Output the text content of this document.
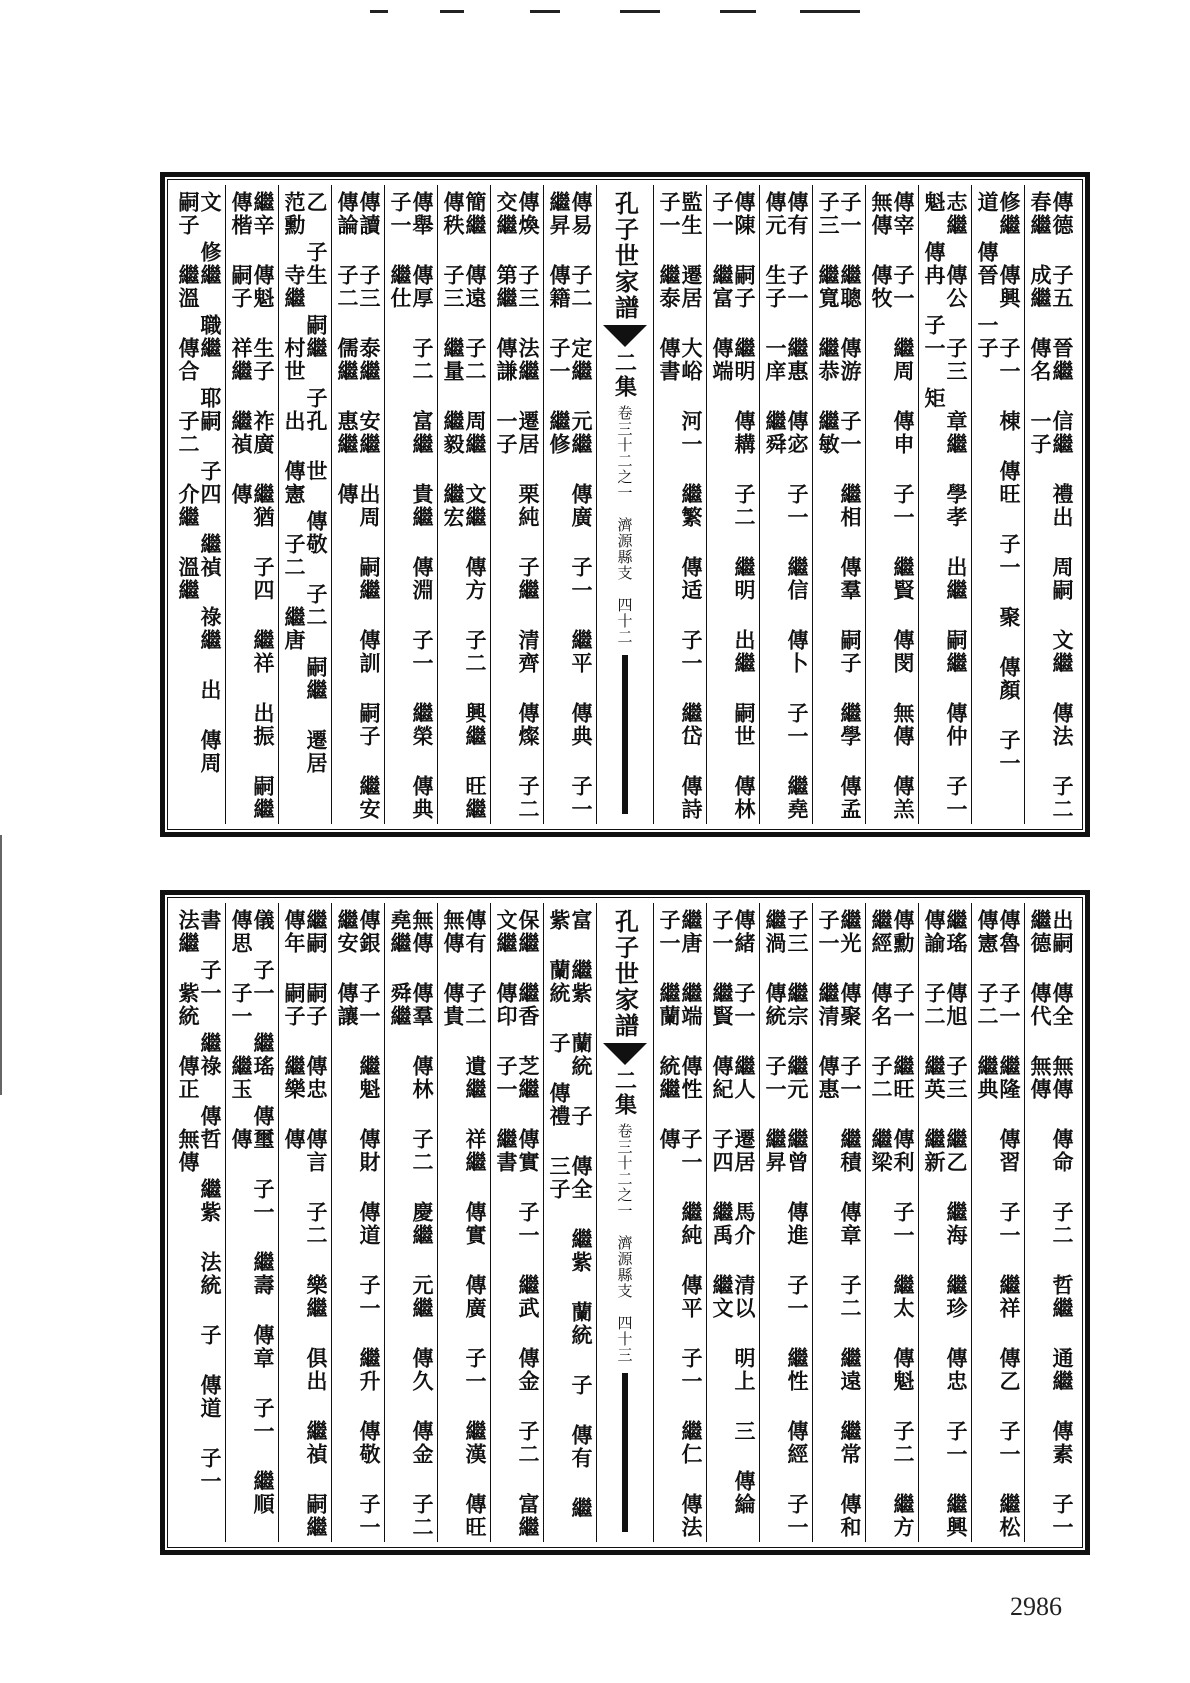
傳德 子五 晉繼 信繼 禮出 周嗣 文繼 傳法 子二 春繼 成繼 傳名 一子
修繼 傳興 子一 棟 傳旺 子一 聚 傳顏 子一 道 傳晉 一子
志繼 傳公 子三 章繼 學孝 出繼 嗣繼 傳仲 子一 魁 傳冉 子一 矩
傳宰 子一 繼周 傳申 子一 繼賢 傳閔 無傳 傳羔 無傳 傳牧
子一 繼聰 傳游 子一 繼相 傳羣 嗣子 繼學 傳孟 子三 繼寬 繼恭 繼敏
傳有 子一 繼惠 傳宓 子一 繼信 傳卜 子一 繼堯 傳元 生子 一庠 繼舜
傳陳 嗣子 繼明 傳耩 子二 繼明 出繼 嗣世 傳林 子一 繼富 傳端
監生 遷居 大峪 河一 繼繁 傳适 子一 繼岱 傳詩 子一 繼泰 傳書
孔子世家譜
二集
卷三十二之一　濟源縣支　四十二
傳易 子二 定繼 元繼 傳廣 子一 繼平 傳典 子一 繼昇 傳籍 子一 繼修
傳煥 子三 法繼 遷居 栗純 子繼 清齊 傳燦 子二 交繼 第繼 傳謙 一子
簡繼 傳遠 子二 周繼 文繼 傳方 子二 興繼 旺繼 傳秩 子三 繼量 繼毅 繼宏
傳舉 傳厚 子二 富繼 貴繼 傳淵 子一 繼榮 傳典 子一 繼仕
傳讀 子三 泰繼 安繼 出周 嗣繼 傳訓 嗣子 繼安 傳論 子二 儒繼 惠繼 傳
乙 子生 嗣繼 子孔 世 傳敬 子二 嗣繼 遷居 范勳 寺繼 村世 出 傳憲 子二 繼唐
繼辛 傳魁 生子 祚廣 繼猶 子四 繼祥 出振 嗣繼 傳楷 嗣子 祥繼 繼禎 傳
文 修繼 職繼 耶嗣 子四 繼禎 祿繼 出 傳周 嗣子 繼溫 傳合 子二 介繼 溫繼
出嗣 傳全 無傳 傳命 子二 哲繼 通繼 傳素 子一 繼德 傳代 無傳
傳魯 子一 繼隆 傳習 子一 繼祥 傳乙 子一 繼松 傳憲 子二 繼典
繼瑤 傳旭 子三 繼乙 繼海 繼珍 傳忠 子一 繼興 傳諭 子二 繼英 繼新
傳勳 子一 繼旺 傳利 子一 繼太 傳魁 子二 繼方 繼經 傳名 子二 繼梁
繼光 傳聚 子一 繼積 傳章 子二 繼遠 繼常 傳和 子一 繼清 傳惠
子三 繼宗 繼元 繼曾 傳進 子一 繼性 傳經 子一 繼渦 傳統 子一 繼昇
傳緒 子一 繼人 遷居 馬介 清以 明上 三 傳綸 子一 繼賢 傳紀 子四 繼禹 繼文
繼唐 繼端 傳性 子一 繼純 傳平 子一 繼仁 傳法 子一 繼蘭 統繼 傳
孔子世家譜
二集
卷三十二之一　濟源縣支　四十三
富 繼紫 蘭統 子 傳全 繼紫 蘭統 子 傳有 繼紫 蘭統 子 傳禮 三子
保繼 繼香 芝繼 傳實 子一 繼武 傳金 子二 富繼 文繼 傳印 子一 繼書
傳有 子二 遺繼 祥繼 傳實 傳廣 子一 繼漢 傳旺 無傳 傳貴
無傳 傳羣 傳林 子二 慶繼 元繼 傳久 傳金 子二 堯繼 舜繼
傳銀 子一 繼魁 傳財 傳道 子一 繼升 傳敬 子一 繼安 傳讓
繼嗣 嗣子 傳忠 傳言 子二 樂繼 俱出 繼禎 嗣繼 傳年 嗣子 繼樂 傳
儀 子一 繼瑤 傳璽 子一 繼壽 傳章 子一 繼順 傳思 子一 繼玉 傳
書 子一 繼祿 傳哲 繼紫 法統 子 傳道 子一 法繼 紫統 傳正 無傳
2986
